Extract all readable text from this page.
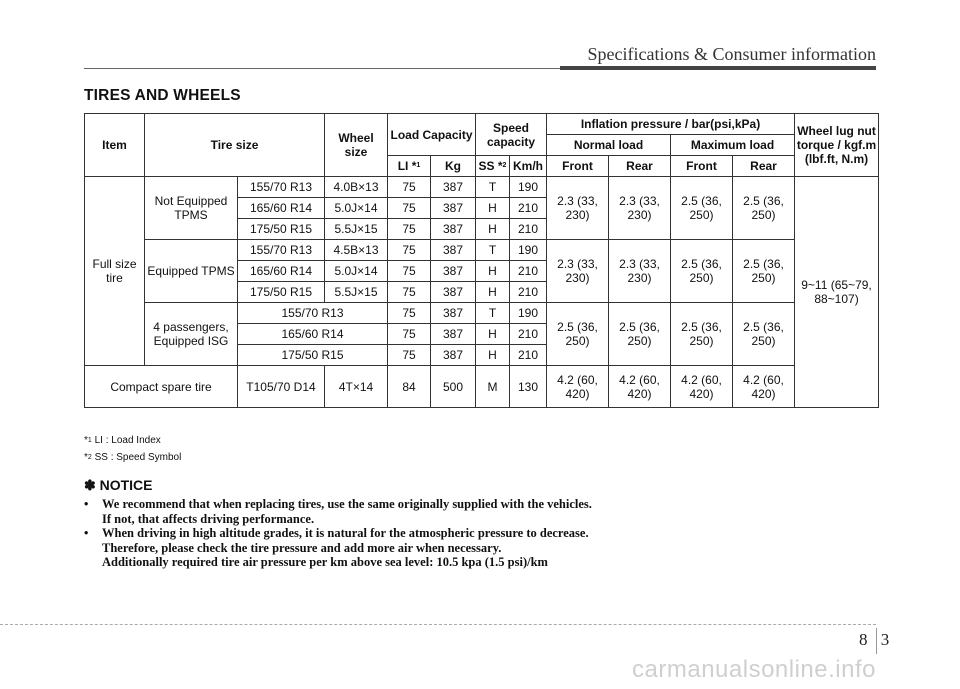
Specifications & Consumer information
TIRES AND WHEELS
Item	Tire size		Wheel size	Load Capacity		Speed capacity		Inflation pressure / bar(psi,kPa)				Wheel lug nut torque / kgf.m (lbf.ft, N.m)
								Normal load		Maximum load		
				LI *$^1$	Kg	SS *$^2$	Km/h	Front	Rear	Front	Rear	
Full size tire	Not Equipped TPMS	155/70 R13	4.0B×13	75	387	T	190	2.3 (33, 230)	2.3 (33, 230)	2.5 (36, 250)	2.5 (36, 250)	9~11 (65~79, 88~107)
		165/60 R14	5.0J×14	75	387	H	210					
		175/50 R15	5.5J×15	75	387	H	210					
	Equipped TPMS	155/70 R13	4.5B×13	75	387	T	190	2.3 (33, 230)	2.3 (33, 230)	2.5 (36, 250)	2.5 (36, 250)	
		165/60 R14	5.0J×14	75	387	H	210					
		175/50 R15	5.5J×15	75	387	H	210					
	4 passengers, Equipped ISG	155/70 R13		75	387	T	190	2.5 (36, 250)	2.5 (36, 250)	2.5 (36, 250)	2.5 (36, 250)	
		165/60 R14		75	387	H	210					
		175/50 R15		75	387	H	210					
Compact spare tire		T105/70 D14	4T×14	84	500	M	130	4.2 (60, 420)	4.2 (60, 420)	4.2 (60, 420)	4.2 (60, 420)	
*$^1$ LI : Load Index
*$^2$ SS : Speed Symbol
✽ NOTICE
• We recommend that when replacing tires, use the same originally supplied with the vehicles.
If not, that affects driving performance.
• When driving in high altitude grades, it is natural for the atmospheric pressure to decrease.
Therefore, please check the tire pressure and add more air when necessary.
Additionally required tire air pressure per km above sea level: 10.5 kpa (1.5 psi)/km
8 3
carmanualsonline.info
